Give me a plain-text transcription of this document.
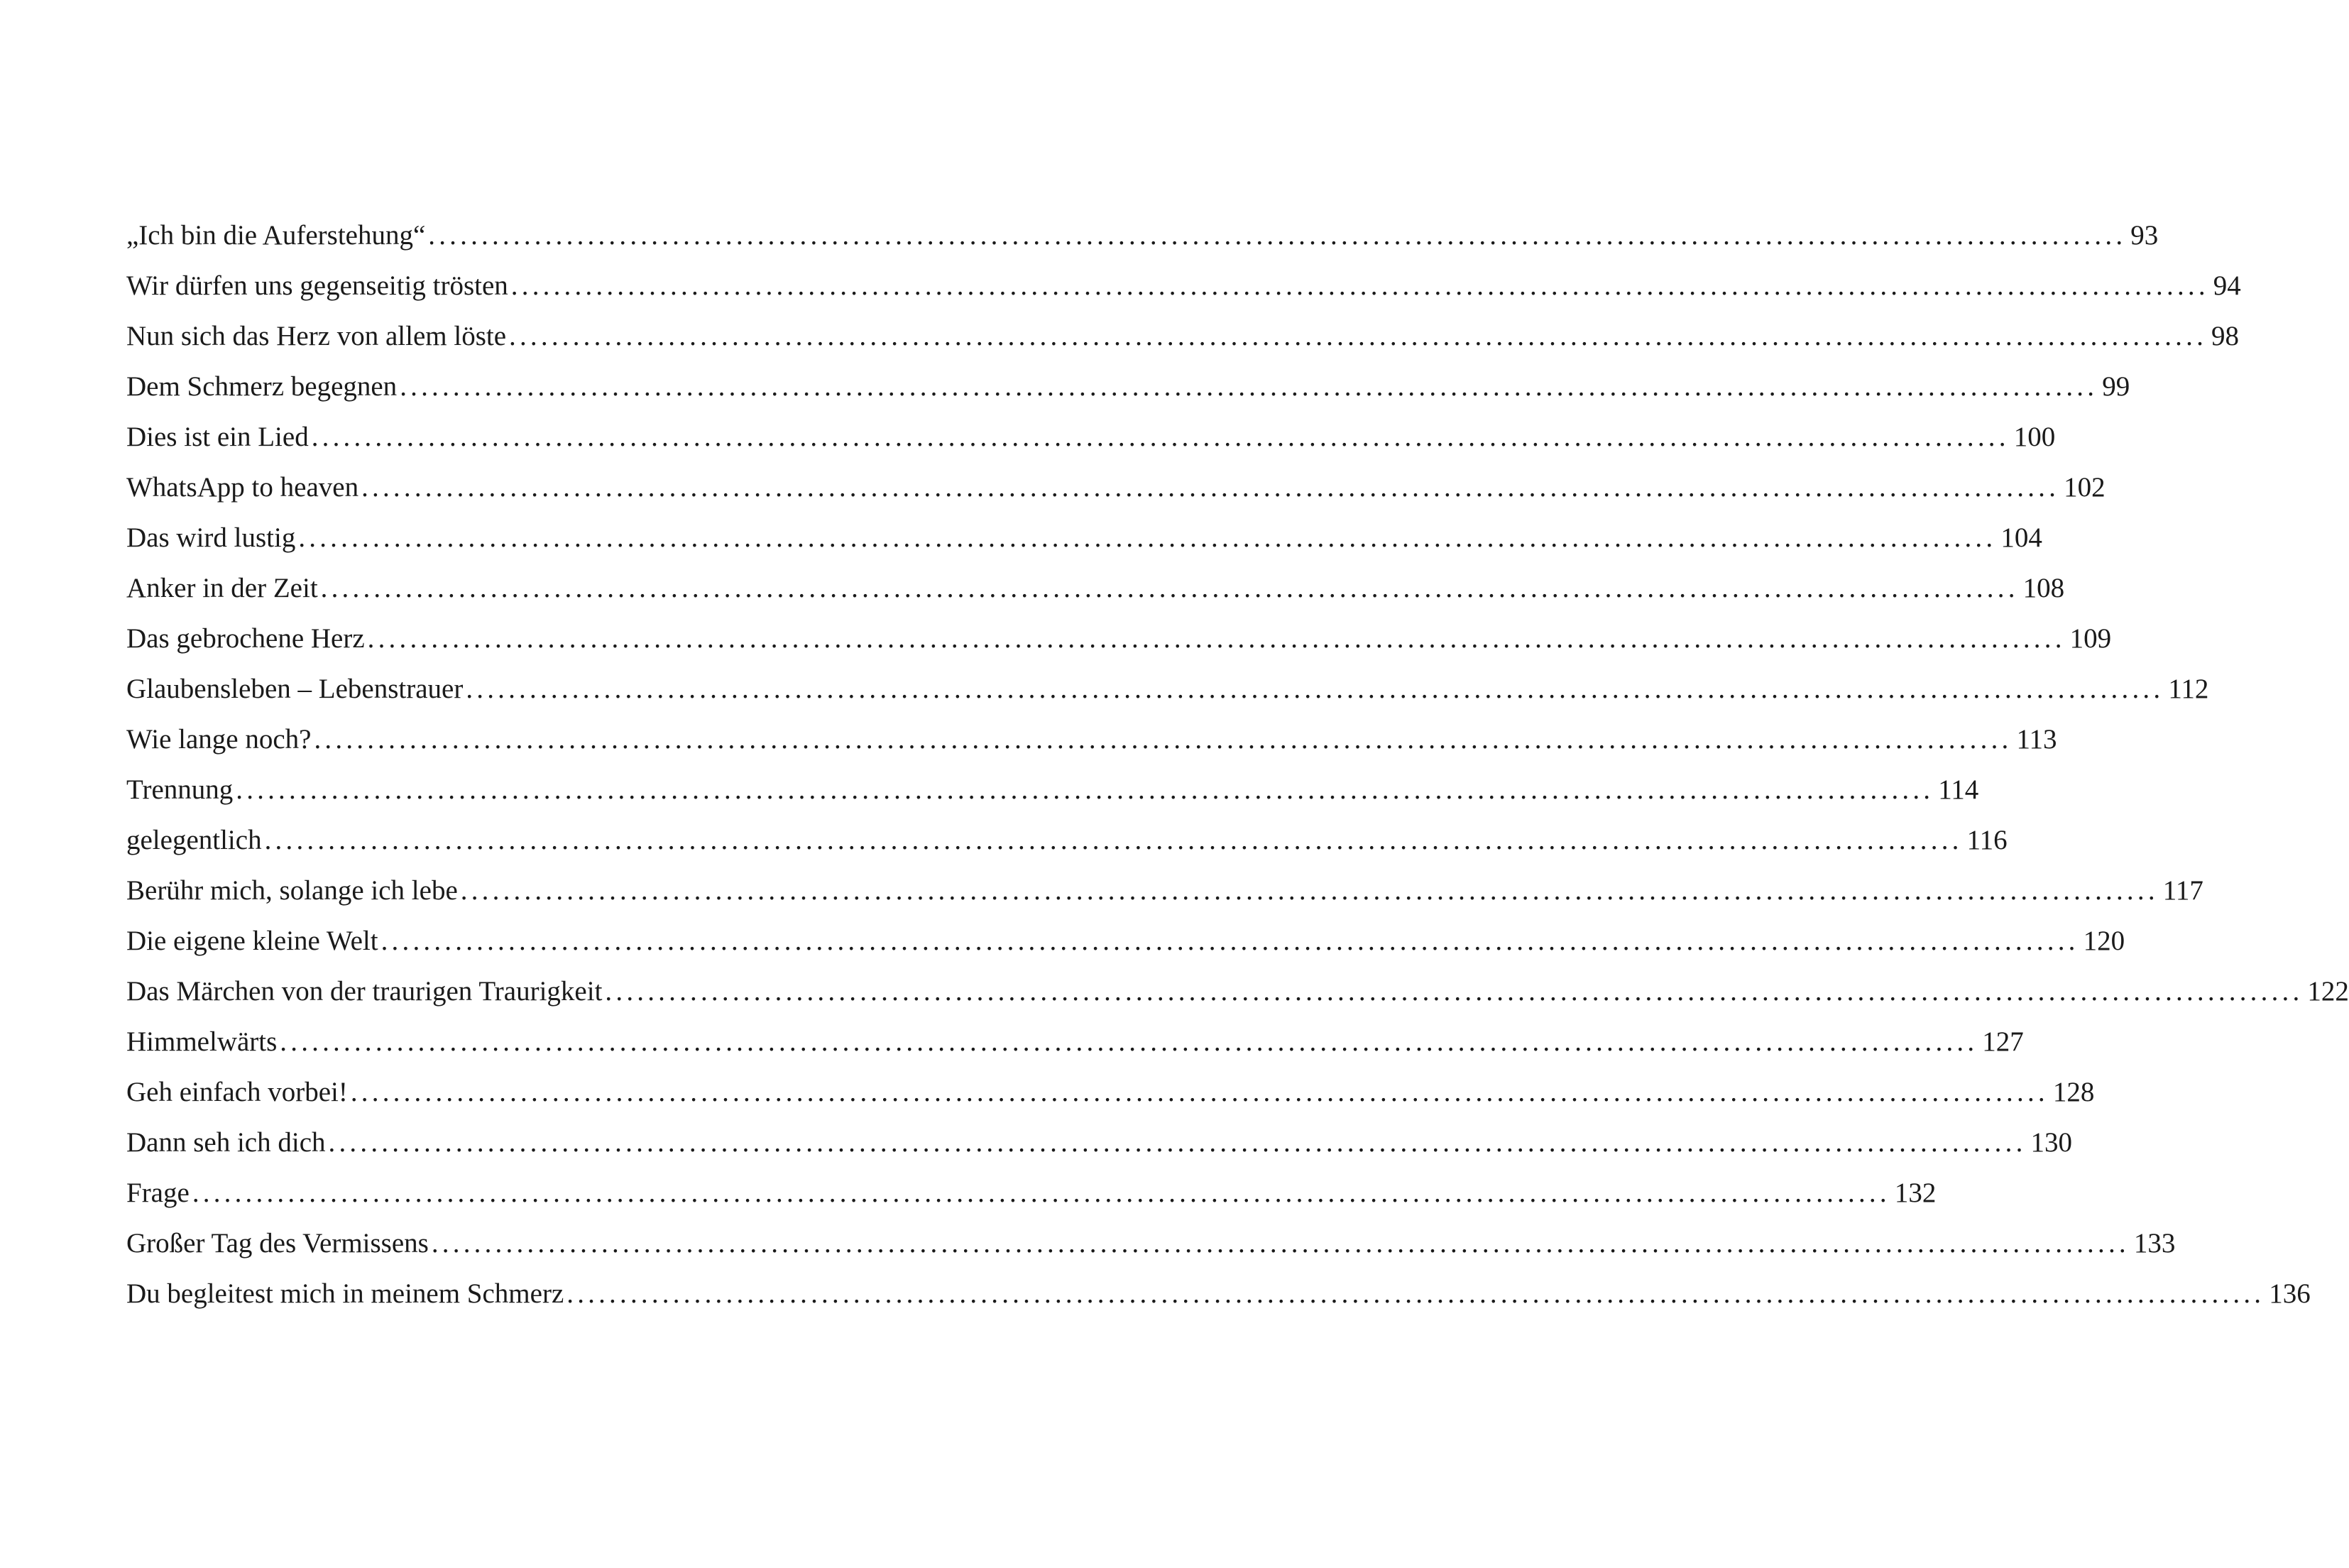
„Ich bin die Auferstehung“ ................................................................................................................................................................ 93
Wir dürfen uns gegenseitig trösten ................................................................................................................................................................ 94
Nun sich das Herz von allem löste ................................................................................................................................................................ 98
Dem Schmerz begegnen ................................................................................................................................................................ 99
Dies ist ein Lied ................................................................................................................................................................ 100
WhatsApp to heaven ................................................................................................................................................................ 102
Das wird lustig ................................................................................................................................................................ 104
Anker in der Zeit ................................................................................................................................................................ 108
Das gebrochene Herz ................................................................................................................................................................ 109
Glaubensleben – Lebenstrauer ................................................................................................................................................................ 112
Wie lange noch? ................................................................................................................................................................ 113
Trennung ................................................................................................................................................................ 114
gelegentlich ................................................................................................................................................................ 116
Berühr mich, solange ich lebe ................................................................................................................................................................ 117
Die eigene kleine Welt ................................................................................................................................................................ 120
Das Märchen von der traurigen Traurigkeit ................................................................................................................................................................ 122
Himmelwärts ................................................................................................................................................................ 127
Geh einfach vorbei! ................................................................................................................................................................ 128
Dann seh ich dich ................................................................................................................................................................ 130
Frage ................................................................................................................................................................ 132
Großer Tag des Vermissens ................................................................................................................................................................ 133
Du begleitest mich in meinem Schmerz ................................................................................................................................................................ 136
